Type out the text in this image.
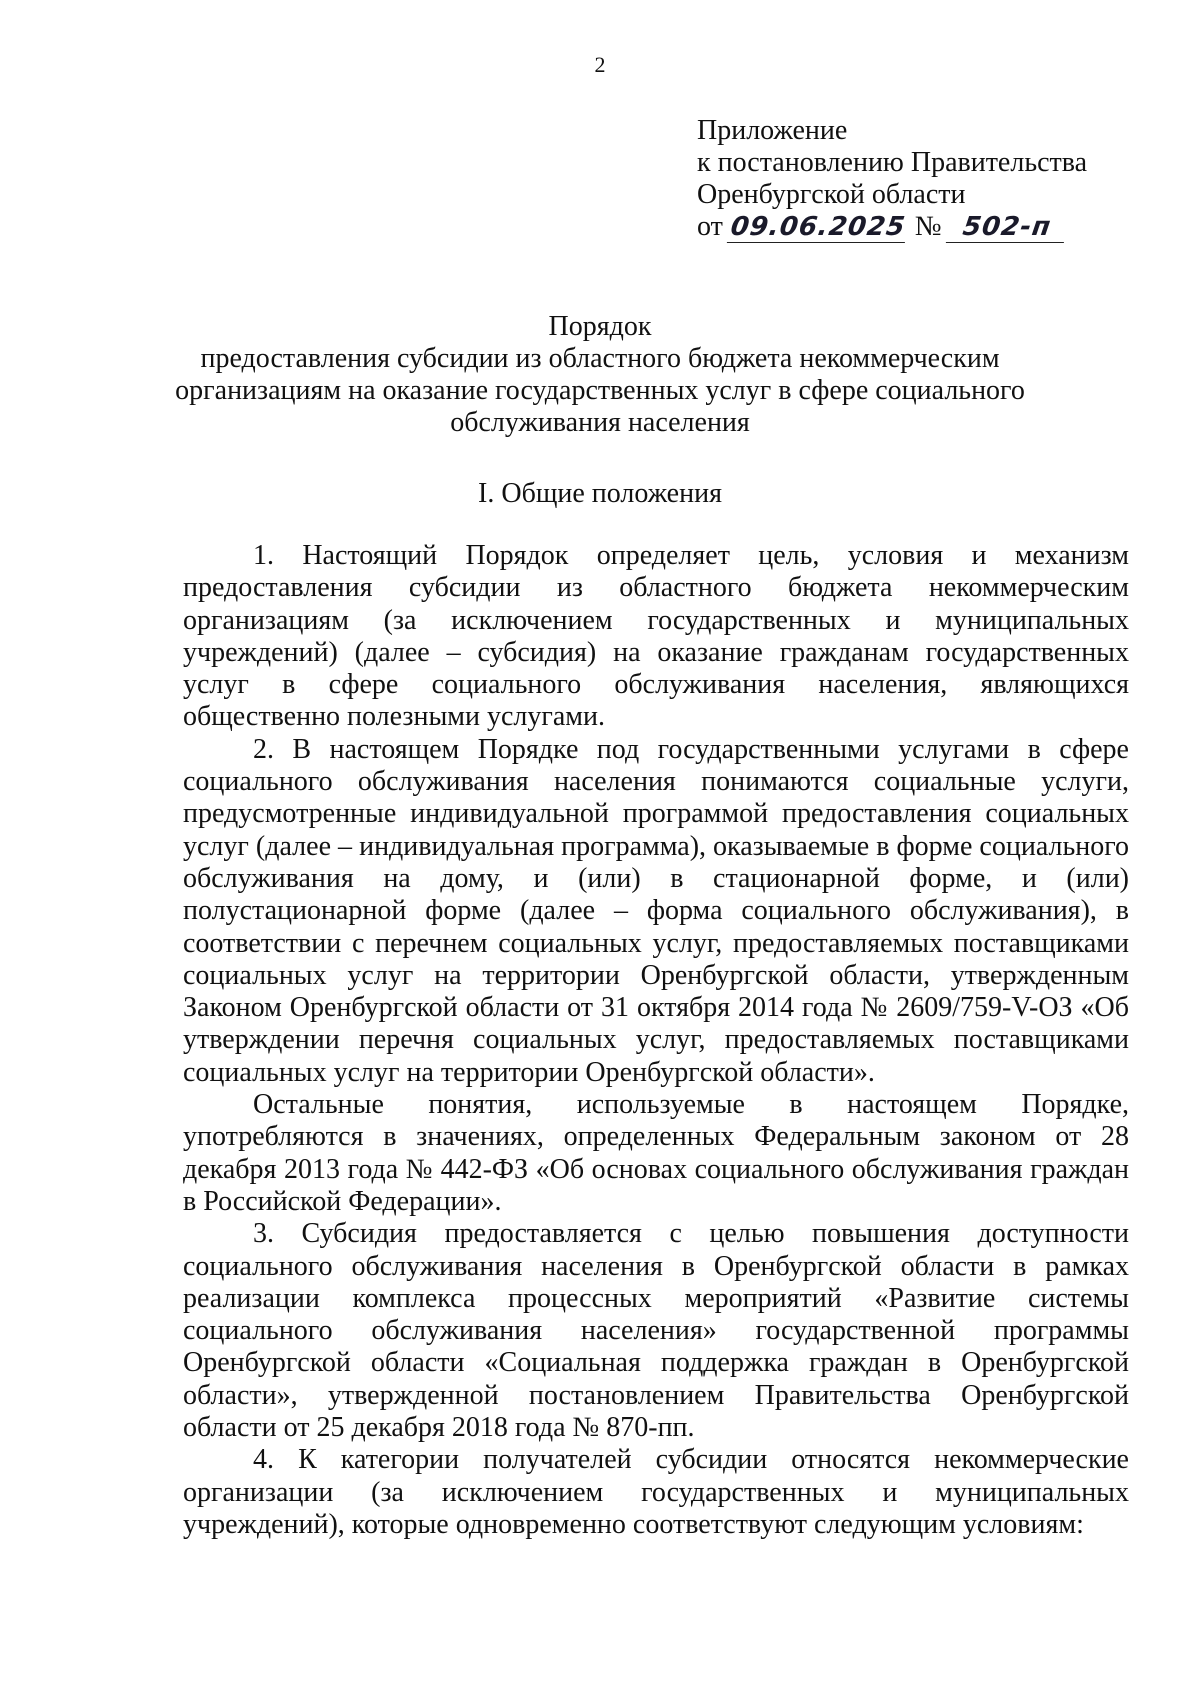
2
Приложение
к постановлению Правительства
Оренбургской области
от 09.06.2025 № 502-п
Порядок
предоставления субсидии из областного бюджета некоммерческим
организациям на оказание государственных услуг в сфере социального
обслуживания населения
I. Общие положения

1. Настоящий Порядок определяет цель, условия и механизм предоставления субсидии из областного бюджета некоммерческим организациям (за исключением государственных и муниципальных учреждений) (далее – субсидия) на оказание гражданам государственных услуг в сфере социального обслуживания населения, являющихся общественно полезными услугами.

2. В настоящем Порядке под государственными услугами в сфере социального обслуживания населения понимаются социальные услуги, предусмотренные индивидуальной программой предоставления социальных услуг (далее – индивидуальная программа), оказываемые в форме социального обслуживания на дому, и (или) в стационарной форме, и (или) полустационарной форме (далее – форма социального обслуживания), в соответствии с перечнем социальных услуг, предоставляемых поставщиками социальных услуг на территории Оренбургской области, утвержденным Законом Оренбургской области от 31 октября 2014 года № 2609/759-V-ОЗ «Об утверждении перечня социальных услуг, предоставляемых поставщиками социальных услуг на территории Оренбургской области».

Остальные понятия, используемые в настоящем Порядке, употребляются в значениях, определенных Федеральным законом от 28 декабря 2013 года № 442-ФЗ «Об основах социального обслуживания граждан в Российской Федерации».

3. Субсидия предоставляется с целью повышения доступности социального обслуживания населения в Оренбургской области в рамках реализации комплекса процессных мероприятий «Развитие системы социального обслуживания населения» государственной программы Оренбургской области «Социальная поддержка граждан в Оренбургской области», утвержденной постановлением Правительства Оренбургской области от 25 декабря 2018 года № 870-пп.

4. К категории получателей субсидии относятся некоммерческие организации (за исключением государственных и муниципальных учреждений), которые одновременно соответствуют следующим условиям:
